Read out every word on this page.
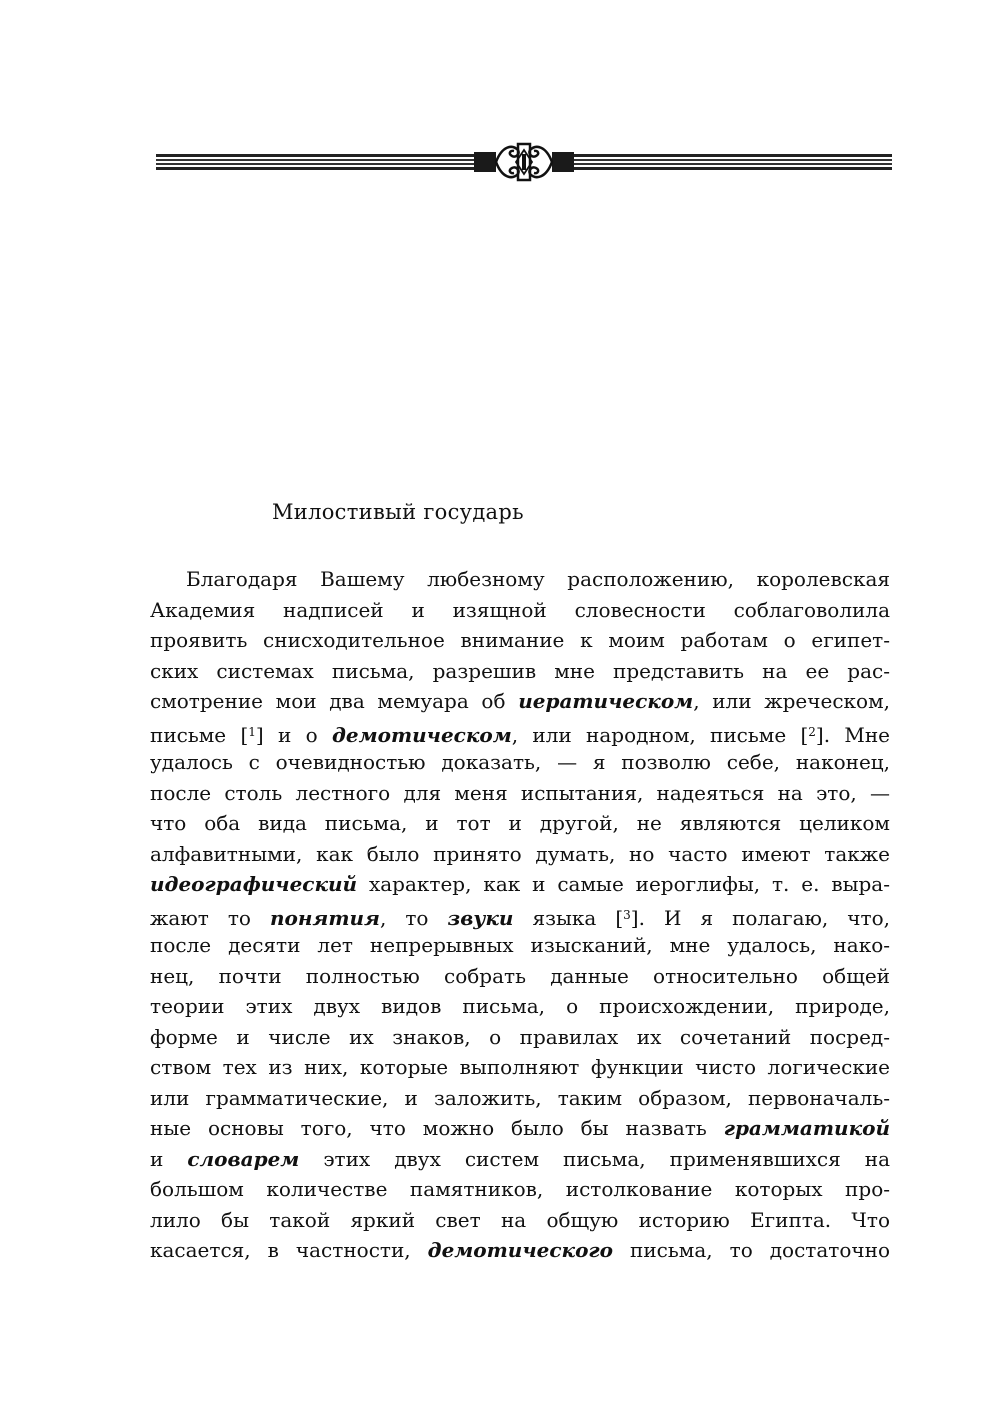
Милостивый государь
Благодаря Вашему любезному расположению, королевская
Академия надписей и изящной словесности соблаговолила
проявить снисходительное внимание к моим работам о египет-
ских системах письма, разрешив мне представить на ее рас-
смотрение мои два мемуара об иератическом, или жреческом,
письме [$^1$] и о демотическом, или народном, письме [$^2$]. Мне
удалось с очевидностью доказать, — я позволю себе, наконец,
после столь лестного для меня испытания, надеяться на это, —
что оба вида письма, и тот и другой, не являются целиком
алфавитными, как было принято думать, но часто имеют также
идеографический характер, как и самые иероглифы, т. е. выра-
жают то понятия, то звуки языка [$^3$]. И я полагаю, что,
после десяти лет непрерывных изысканий, мне удалось, нако-
нец, почти полностью собрать данные относительно общей
теории этих двух видов письма, о происхождении, природе,
форме и числе их знаков, о правилах их сочетаний посред-
ством тех из них, которые выполняют функции чисто логические
или грамматические, и заложить, таким образом, первоначаль-
ные основы того, что можно было бы назвать грамматикой
и словарем этих двух систем письма, применявшихся на
большом количестве памятников, истолкование которых про-
лило бы такой яркий свет на общую историю Египта. Что
касается, в частности, демотического письма, то достаточно
